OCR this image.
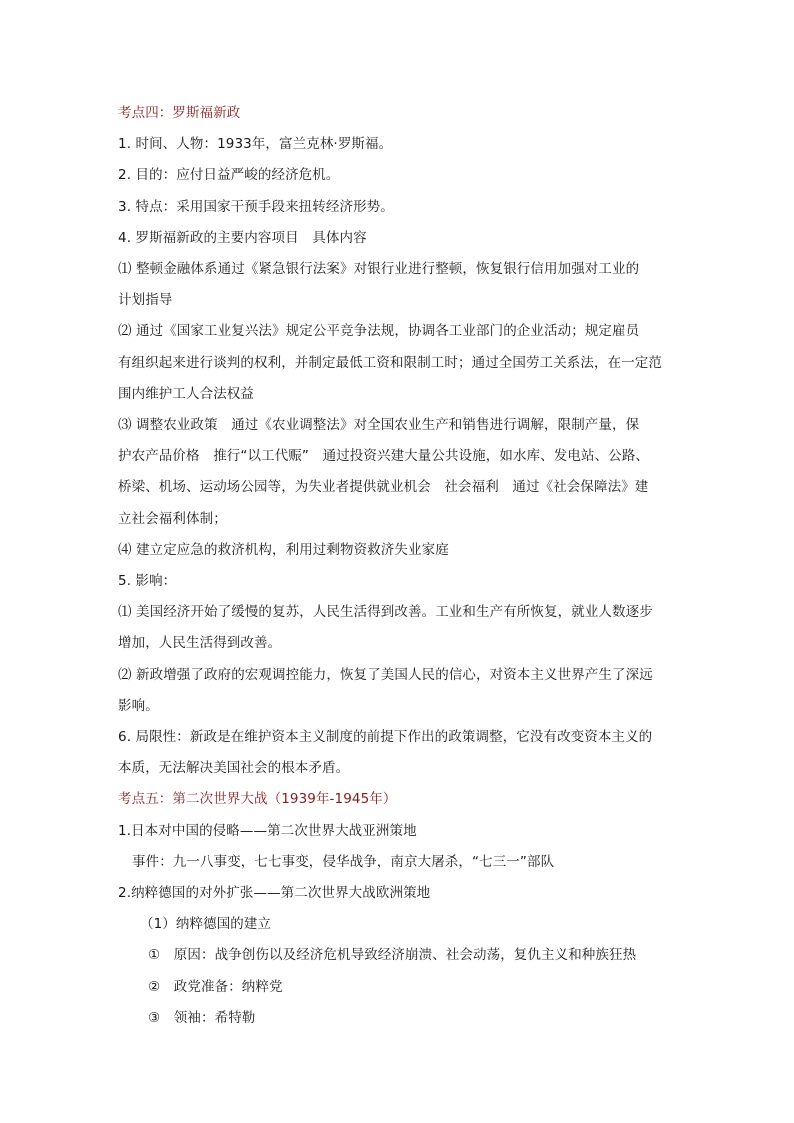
考点四：罗斯福新政
1. 时间、人物：1933年，富兰克林·罗斯福。
2. 目的：应付日益严峻的经济危机。
3. 特点：采用国家干预手段来扭转经济形势。
4. 罗斯福新政的主要内容项目　具体内容
⑴ 整顿金融体系通过《紧急银行法案》对银行业进行整顿，恢复银行信用加强对工业的
计划指导
⑵ 通过《国家工业复兴法》规定公平竞争法规，协调各工业部门的企业活动；规定雇员
有组织起来进行谈判的权利，并制定最低工资和限制工时；通过全国劳工关系法，在一定范
围内维护工人合法权益
⑶ 调整农业政策　通过《农业调整法》对全国农业生产和销售进行调解，限制产量，保
护农产品价格　推行“以工代赈”　通过投资兴建大量公共设施，如水库、发电站、公路、
桥梁、机场、运动场公园等，为失业者提供就业机会　社会福利　通过《社会保障法》建
立社会福利体制；
⑷ 建立定应急的救济机构，利用过剩物资救济失业家庭
5. 影响：
⑴ 美国经济开始了缓慢的复苏，人民生活得到改善。工业和生产有所恢复，就业人数逐步
增加，人民生活得到改善。
⑵ 新政增强了政府的宏观调控能力，恢复了美国人民的信心，对资本主义世界产生了深远
影响。
6. 局限性：新政是在维护资本主义制度的前提下作出的政策调整，它没有改变资本主义的
本质，无法解决美国社会的根本矛盾。
考点五：第二次世界大战（1939年-1945年）
1.日本对中国的侵略——第二次世界大战亚洲策地
事件：九一八事变，七七事变，侵华战争，南京大屠杀，“七三一”部队
2.纳粹德国的对外扩张——第二次世界大战欧洲策地
（1）纳粹德国的建立
①　原因：战争创伤以及经济危机导致经济崩溃、社会动荡，复仇主义和种族狂热
②　政党准备：纳粹党
③　领袖：希特勒
